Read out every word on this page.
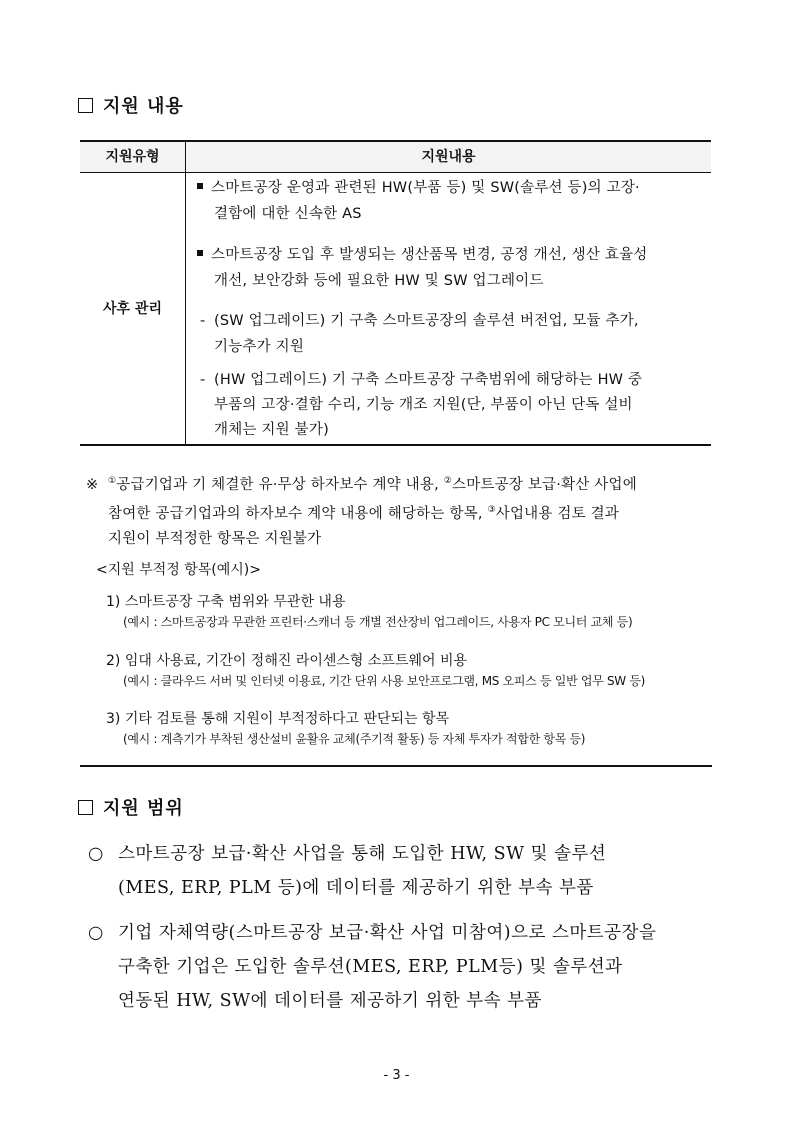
지원 내용
지원유형	지원내용
사후 관리
스마트공장 운영과 관련된 HW(부품 등) 및 SW(솔루션 등)의 고장·
결함에 대한 신속한 AS
스마트공장 도입 후 발생되는 생산품목 변경, 공정 개선, 생산 효율성
개선, 보안강화 등에 필요한 HW 및 SW 업그레이드
- (SW 업그레이드) 기 구축 스마트공장의 솔루션 버전업, 모듈 추가,
기능추가 지원
- (HW 업그레이드) 기 구축 스마트공장 구축범위에 해당하는 HW 중
부품의 고장·결함 수리, 기능 개조 지원(단, 부품이 아닌 단독 설비
개체는 지원 불가)
※ ①공급기업과 기 체결한 유·무상 하자보수 계약 내용, ②스마트공장 보급·확산 사업에
참여한 공급기업과의 하자보수 계약 내용에 해당하는 항목, ③사업내용 검토 결과
지원이 부적정한 항목은 지원불가
<지원 부적정 항목(예시)>
1) 스마트공장 구축 범위와 무관한 내용
(예시 : 스마트공장과 무관한 프린터·스캐너 등 개별 전산장비 업그레이드, 사용자 PC 모니터 교체 등)
2) 임대 사용료, 기간이 정해진 라이센스형 소프트웨어 비용
(예시 : 클라우드 서버 및 인터넷 이용료, 기간 단위 사용 보안프로그램, MS 오피스 등 일반 업무 SW 등)
3) 기타 검토를 통해 지원이 부적정하다고 판단되는 항목
(예시 : 계측기가 부착된 생산설비 윤활유 교체(주기적 활동) 등 자체 투자가 적합한 항목 등)
지원 범위
○ 스마트공장 보급·확산 사업을 통해 도입한 HW, SW 및 솔루션
(MES, ERP, PLM 등)에 데이터를 제공하기 위한 부속 부품
○ 기업 자체역량(스마트공장 보급·확산 사업 미참여)으로 스마트공장을
구축한 기업은 도입한 솔루션(MES, ERP, PLM등) 및 솔루션과
연동된 HW, SW에 데이터를 제공하기 위한 부속 부품
- 3 -
